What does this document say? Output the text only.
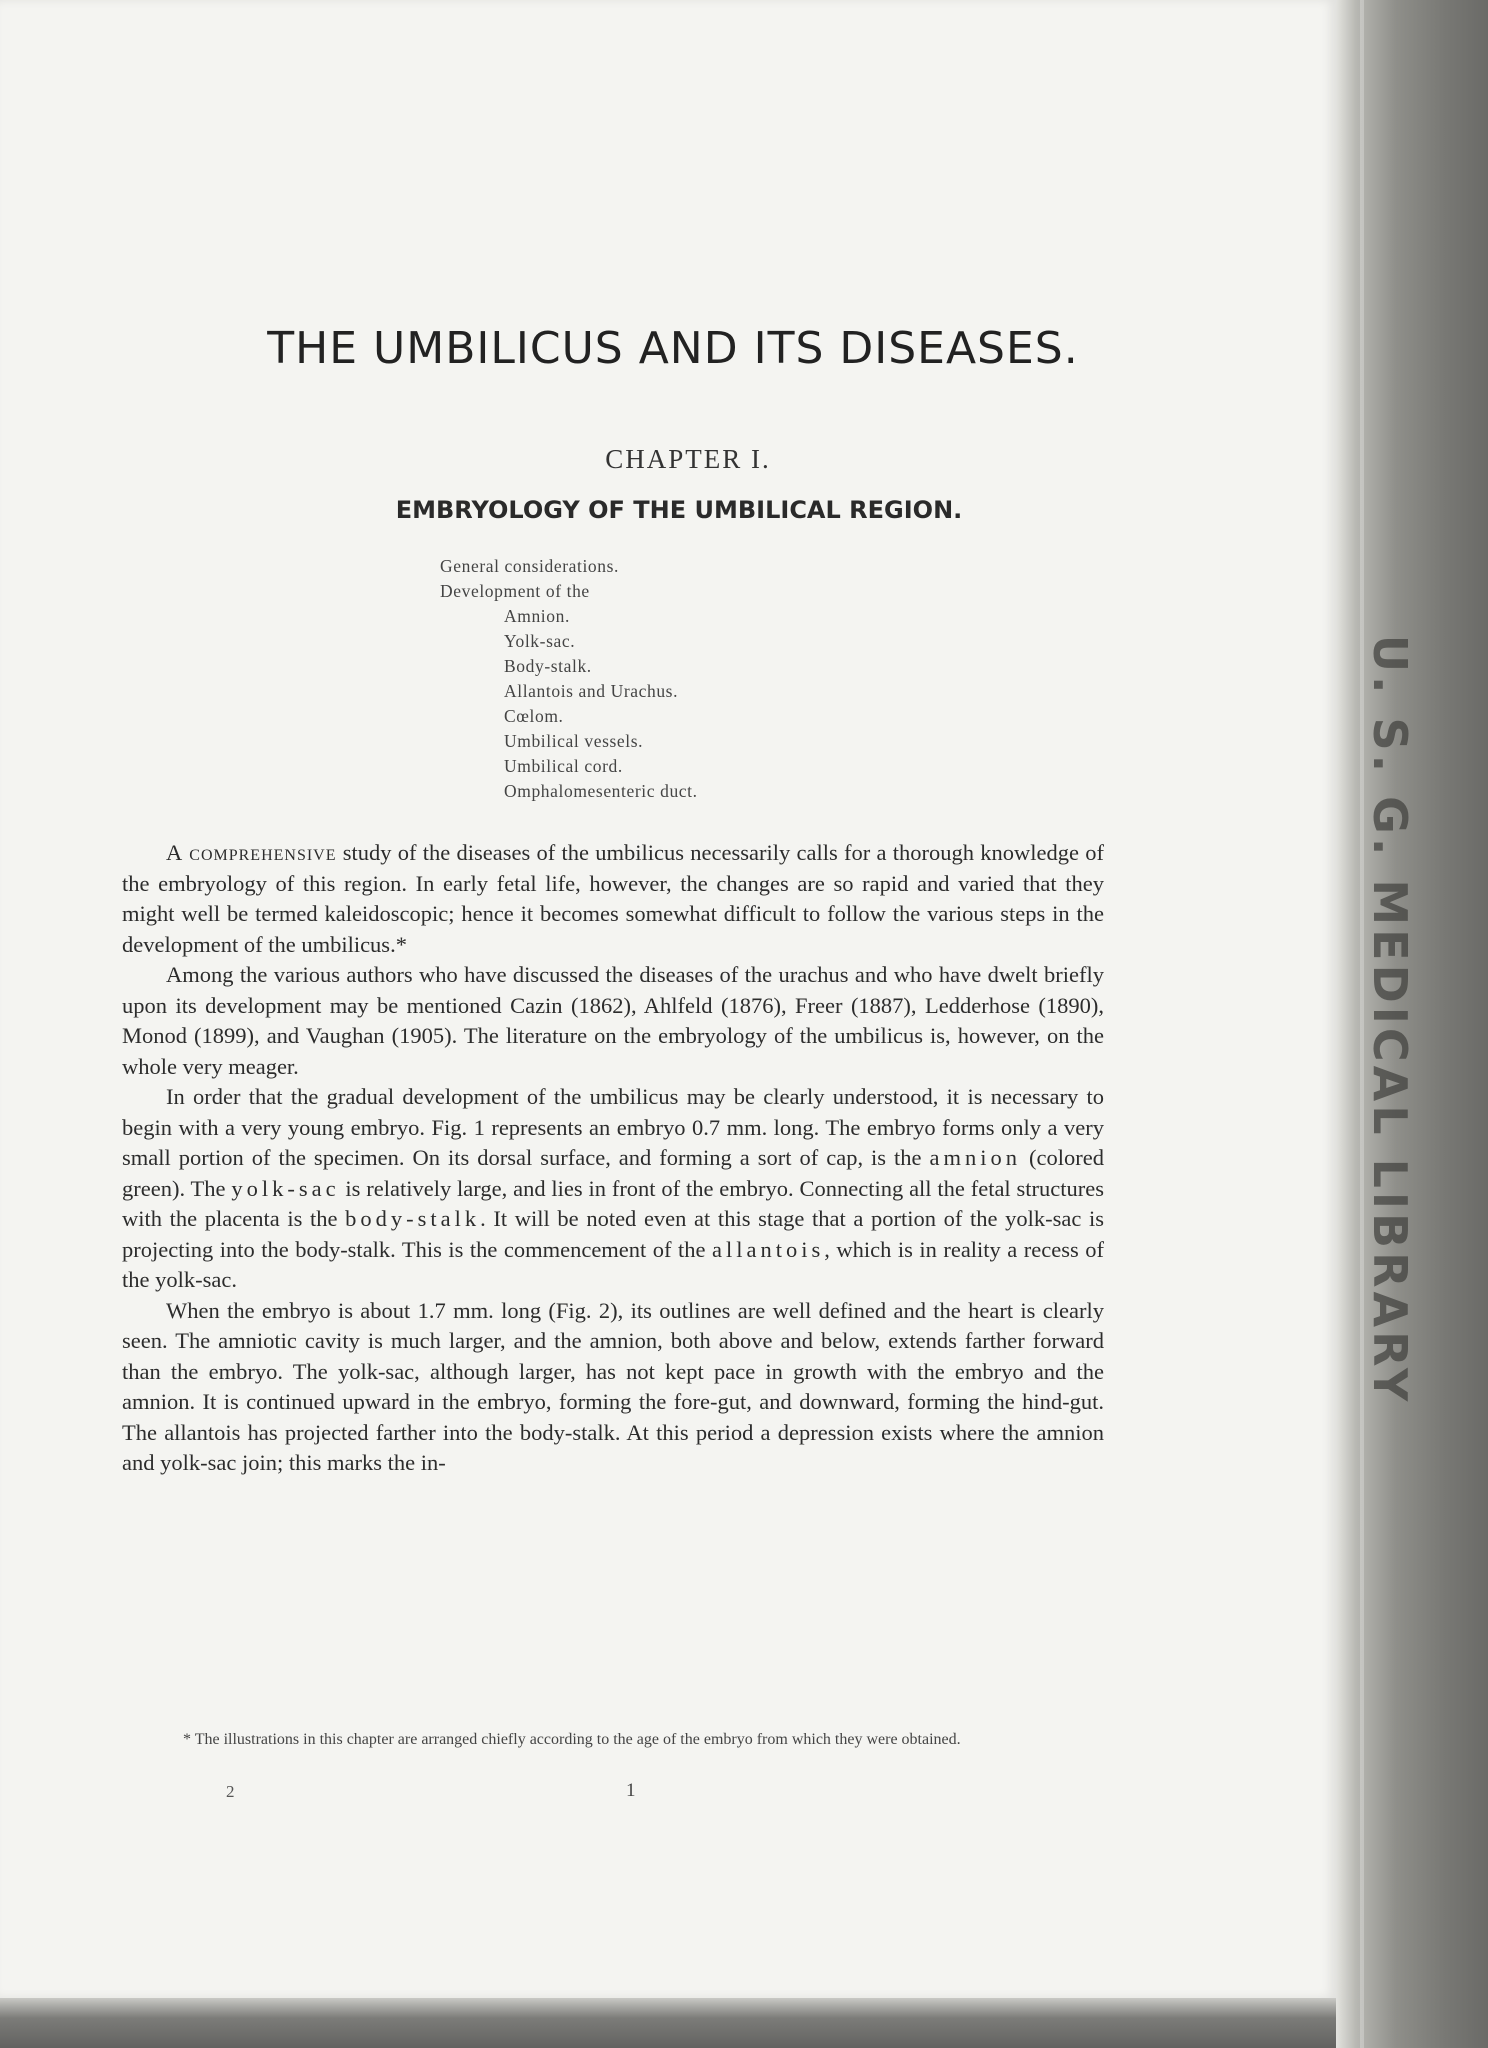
THE UMBILICUS AND ITS DISEASES.
CHAPTER I.
EMBRYOLOGY OF THE UMBILICAL REGION.
General considerations.
Development of the
Amnion.
Yolk-sac.
Body-stalk.
Allantois and Urachus.
Cœlom.
Umbilical vessels.
Umbilical cord.
Omphalomesenteric duct.

A comprehensive study of the diseases of the umbilicus necessarily calls for a thorough knowledge of the embryology of this region. In early fetal life, however, the changes are so rapid and varied that they might well be termed kaleidoscopic; hence it becomes somewhat difficult to follow the various steps in the development of the umbilicus.*

Among the various authors who have discussed the diseases of the urachus and who have dwelt briefly upon its development may be mentioned Cazin (1862), Ahlfeld (1876), Freer (1887), Ledderhose (1890), Monod (1899), and Vaughan (1905). The literature on the embryology of the umbilicus is, however, on the whole very meager.

In order that the gradual development of the umbilicus may be clearly understood, it is necessary to begin with a very young embryo. Fig. 1 represents an embryo 0.7 mm. long. The embryo forms only a very small portion of the specimen. On its dorsal surface, and forming a sort of cap, is the amnion (colored green). The yolk-sac is relatively large, and lies in front of the embryo. Connecting all the fetal structures with the placenta is the body-stalk. It will be noted even at this stage that a portion of the yolk-sac is projecting into the body-stalk. This is the commencement of the allantois, which is in reality a recess of the yolk-sac.

When the embryo is about 1.7 mm. long (Fig. 2), its outlines are well defined and the heart is clearly seen. The amniotic cavity is much larger, and the amnion, both above and below, extends farther forward than the embryo. The yolk-sac, although larger, has not kept pace in growth with the embryo and the amnion. It is continued upward in the embryo, forming the fore-gut, and downward, forming the hind-gut. The allantois has projected farther into the body-stalk. At this period a depression exists where the amnion and yolk-sac join; this marks the in-

* The illustrations in this chapter are arranged chiefly according to the age of the embryo from which they were obtained.
2	1
U. S. G. MEDICAL LIBRARY
